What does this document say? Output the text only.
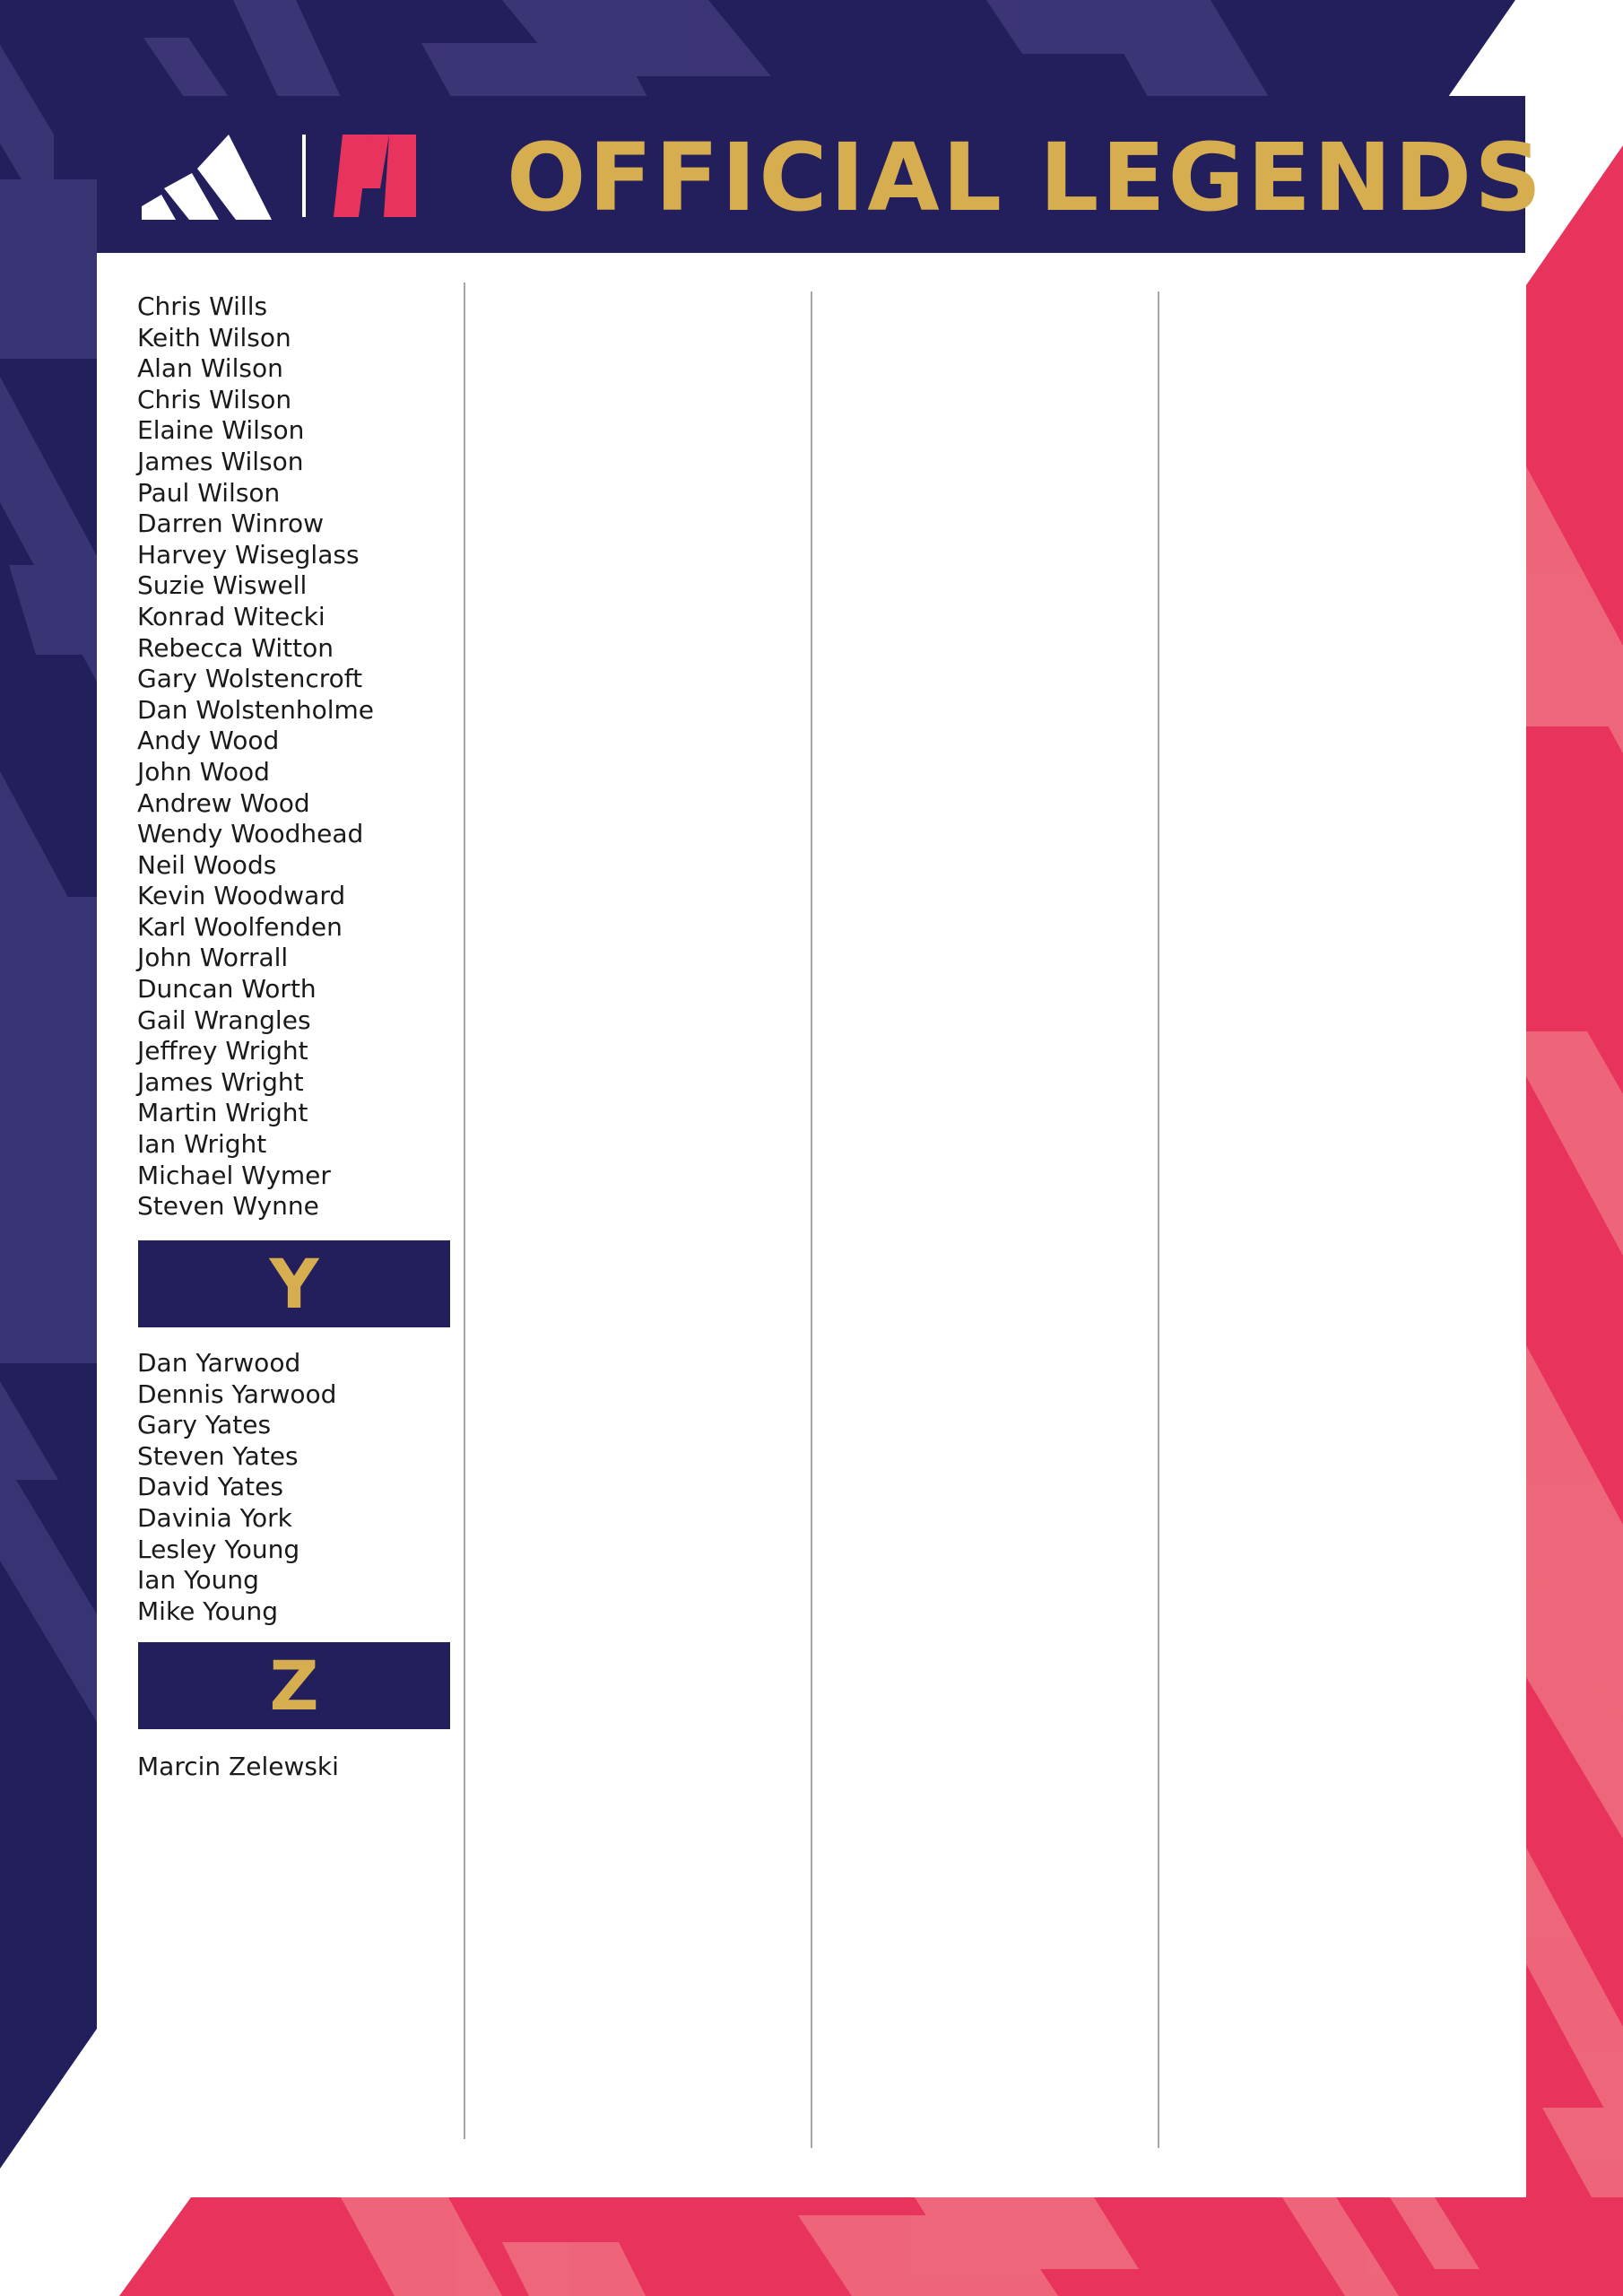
OFFICIAL LEGENDS
Chris Wills
Keith Wilson
Alan Wilson
Chris Wilson
Elaine Wilson
James Wilson
Paul Wilson
Darren Winrow
Harvey Wiseglass
Suzie Wiswell
Konrad Witecki
Rebecca Witton
Gary Wolstencroft
Dan Wolstenholme
Andy Wood
John Wood
Andrew Wood
Wendy Woodhead
Neil Woods
Kevin Woodward
Karl Woolfenden
John Worrall
Duncan Worth
Gail Wrangles
Jeffrey Wright
James Wright
Martin Wright
Ian Wright
Michael Wymer
Steven Wynne
Y
Dan Yarwood
Dennis Yarwood
Gary Yates
Steven Yates
David Yates
Davinia York
Lesley Young
Ian Young
Mike Young
Z
Marcin Zelewski
